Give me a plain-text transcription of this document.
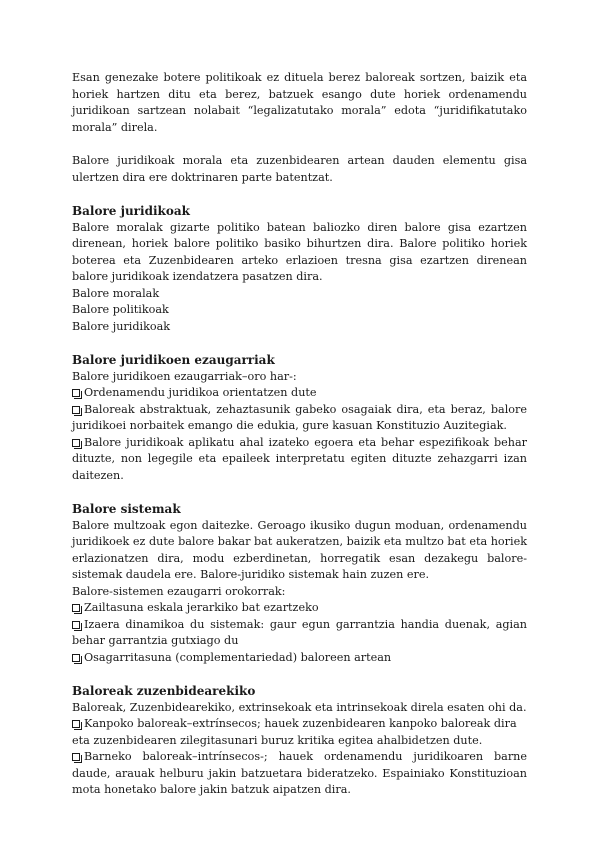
Esan genezake botere politikoak ez dituela berez baloreak sortzen, baizik eta horiek hartzen ditu eta berez, batzuek esango dute horiek ordenamendu juridikoan sartzean nolabait “legalizatutako morala” edota “juridifikatutako morala” direla.

Balore juridikoak morala eta zuzenbidearen artean dauden elementu gisa ulertzen dira ere doktrinaren parte batentzat.

Balore juridikoak

Balore moralak gizarte politiko batean baliozko diren balore gisa ezartzen direnean, horiek balore politiko basiko bihurtzen dira. Balore politiko horiek boterea eta Zuzenbidearen arteko erlazioen tresna gisa ezartzen direnean balore juridikoak izendatzera pasatzen dira.

Balore moralak

Balore politikoak

Balore juridikoak

Balore juridikoen ezaugarriak

Balore juridikoen ezaugarriak–oro har-:

Ordenamendu juridikoa orientatzen dute

Baloreak abstraktuak, zehaztasunik gabeko osagaiak dira, eta beraz, balore juridikoei norbaitek emango die edukia, gure kasuan Konstituzio Auzitegiak.

Balore juridikoak aplikatu ahal izateko egoera eta behar espezifikoak behar dituzte, non legegile eta epaileek interpretatu egiten dituzte zehazgarri izan daitezen.

Balore sistemak

Balore multzoak egon daitezke. Geroago ikusiko dugun moduan, ordenamendu juridikoek ez dute balore bakar bat aukeratzen, baizik eta multzo bat eta horiek erlazionatzen dira, modu ezberdinetan, horregatik esan dezakegu balore-sistemak daudela ere. Balore-juridiko sistemak hain zuzen ere.

Balore-sistemen ezaugarri orokorrak:

Zailtasuna eskala jerarkiko bat ezartzeko

Izaera dinamikoa du sistemak: gaur egun garrantzia handia duenak, agian behar garrantzia gutxiago du

Osagarritasuna (complementariedad) baloreen artean

Baloreak zuzenbidearekiko

Baloreak, Zuzenbidearekiko, extrinsekoak eta intrinsekoak direla esaten ohi da.

Kanpoko baloreak–extrínsecos; hauek zuzenbidearen kanpoko baloreak dira eta zuzenbidearen zilegitasunari buruz kritika egitea ahalbidetzen dute.

Barneko baloreak–intrínsecos-; hauek ordenamendu juridikoaren barne daude, arauak helburu jakin batzuetara bideratzeko. Espainiako Konstituzioan mota honetako balore jakin batzuk aipatzen dira.
